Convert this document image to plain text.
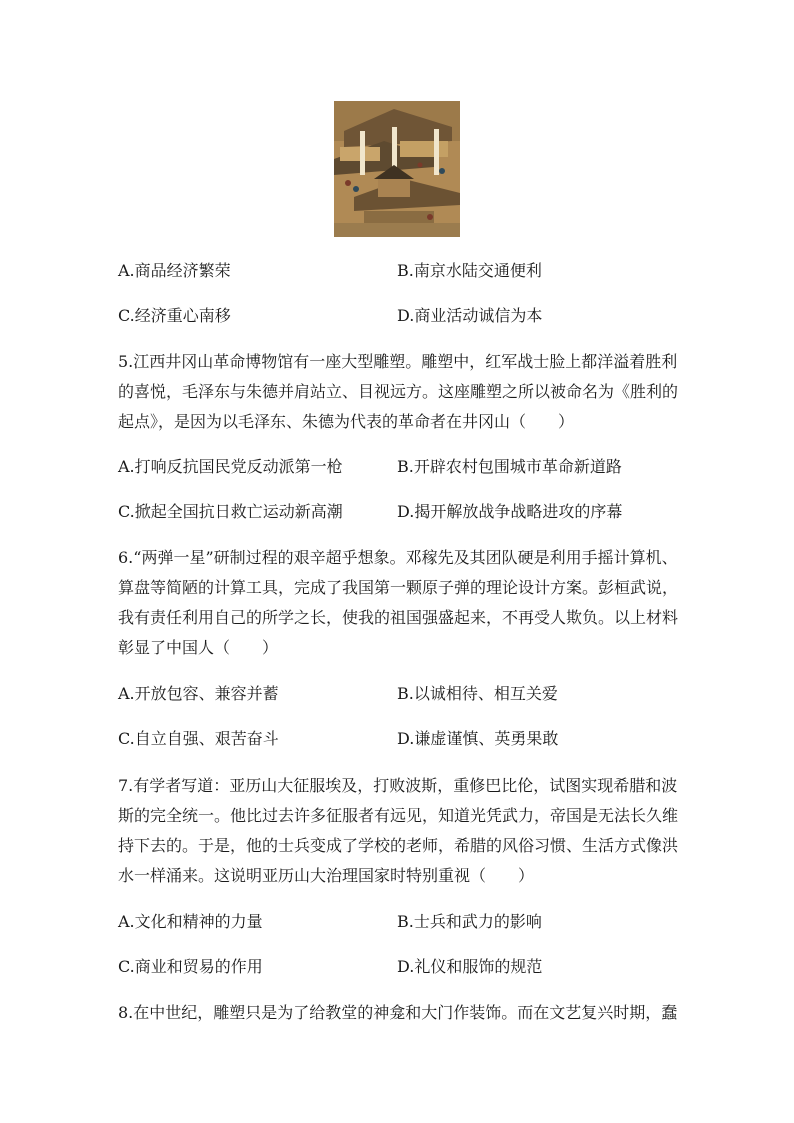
A.商品经济繁荣	B.南京水陆交通便利
C.经济重心南移	D.商业活动诚信为本
5.江西井冈山革命博物馆有一座大型雕塑。雕塑中，红军战士脸上都洋溢着胜利
的喜悦，毛泽东与朱德并肩站立、目视远方。这座雕塑之所以被命名为《胜利的
起点》，是因为以毛泽东、朱德为代表的革命者在井冈山（　　）
A.打响反抗国民党反动派第一枪	B.开辟农村包围城市革命新道路
C.掀起全国抗日救亡运动新高潮	D.揭开解放战争战略进攻的序幕
6.“两弹一星”研制过程的艰辛超乎想象。邓稼先及其团队硬是利用手摇计算机、
算盘等简陋的计算工具，完成了我国第一颗原子弹的理论设计方案。彭桓武说，
我有责任利用自己的所学之长，使我的祖国强盛起来，不再受人欺负。以上材料
彰显了中国人（　　）
A.开放包容、兼容并蓄	B.以诚相待、相互关爱
C.自立自强、艰苦奋斗	D.谦虚谨慎、英勇果敢
7.有学者写道：亚历山大征服埃及，打败波斯，重修巴比伦，试图实现希腊和波
斯的完全统一。他比过去许多征服者有远见，知道光凭武力，帝国是无法长久维
持下去的。于是，他的士兵变成了学校的老师，希腊的风俗习惯、生活方式像洪
水一样涌来。这说明亚历山大治理国家时特别重视（　　）
A.文化和精神的力量	B.士兵和武力的影响
C.商业和贸易的作用	D.礼仪和服饰的规范
8.在中世纪，雕塑只是为了给教堂的神龛和大门作装饰。而在文艺复兴时期，蠢
